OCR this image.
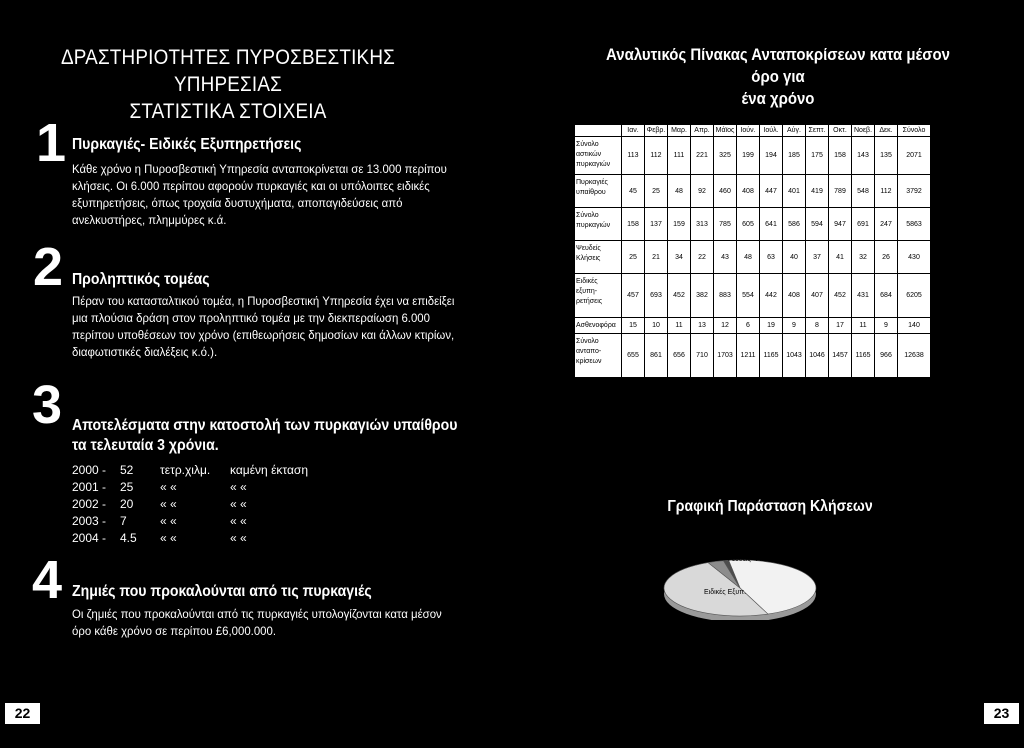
ΔΡΑΣΤΗΡΙΟΤΗΤΕΣ ΠΥΡΟΣΒΕΣΤΙΚΗΣ ΥΠΗΡΕΣΙΑΣ
ΣΤΑΤΙΣΤΙΚΑ ΣΤΟΙΧΕΙΑ
1 Πυρκαγιές- Ειδικές Εξυπηρετήσεις
Κάθε χρόνο η Πυροσβεστική Υπηρεσία ανταποκρίνεται σε 13.000 περίπου
κλήσεις. Οι 6.000 περίπου αφορούν πυρκαγιές και οι υπόλοιπες ειδικές
εξυπηρετήσεις, όπως τροχαία δυστυχήματα, αποπαγιδεύσεις από
ανελκυστήρες, πλημμύρες κ.ά.
2 Προληπτικός τομέας
Πέραν του κατασταλτικού τομέα, η Πυροσβεστική Υπηρεσία έχει να επιδείξει
μια πλούσια δράση στον προληπτικό τομέα με την διεκπεραίωση 6.000
περίπου υποθέσεων τον χρόνο (επιθεωρήσεις δημοσίων και άλλων κτιρίων,
διαφωτιστικές διαλέξεις κ.ό.).
3 Αποτελέσματα στην κατοστολή των πυρκαγιών υπαίθρου
τα τελευταία 3 χρόνια.
2000 - 52 τετρ.χιλμ. καμένη έκταση
2001 - 25 « «	« «
2002 - 20 « «	« «
2003 - 7	« «	« «
2004 - 4.5 « «	« «
4 Ζημιές που προκαλούνται από τις πυρκαγιές
Οι ζημιές που προκαλούνται από τις πυρκαγιές υπολογίζονται κατα μέσον
όρο κάθε χρόνο σε περίπου £6,000.000.
22
Αναλυτικός Πίνακας Ανταποκρίσεων κατα μέσον όρο για
ένα χρόνο
	Ιαν.	Φεβρ.	Μαρ.	Απρ.	Μάϊος	Ιούν.	Ιούλ.	Αύγ.	Σεπτ.	Οκτ.	Νοεβ.	Δεκ.	Σύνολο
Σύνολο αστικών πυρκαγιών	113	112	111	221	325	199	194	185	175	158	143	135	2071
Πυρκαγιές υπαίθρου	45	25	48	92	460	408	447	401	419	789	548	112	3792
Σύνολο πυρκαγιών	158	137	159	313	785	605	641	586	594	947	691	247	5863
Ψευδείς Κλήσεις	25	21	34	22	43	48	63	40	37	41	32	26	430
Ειδικές εξυπη- ρετήσεις	457	693	452	382	883	554	442	408	407	452	431	684	6205
Ασθενοφόρα	15	10	11	13	12	6	19	9	8	17	11	9	140
Σύνολο ανταπο- κρίσεων	655	861	656	710	1703	1211	1165	1043	1046	1457	1165	966	12638
Γραφική Παράσταση Κλήσεων
Ειδικές Εξυπ.
Ψευδείς Ασθενοφόρα
23
